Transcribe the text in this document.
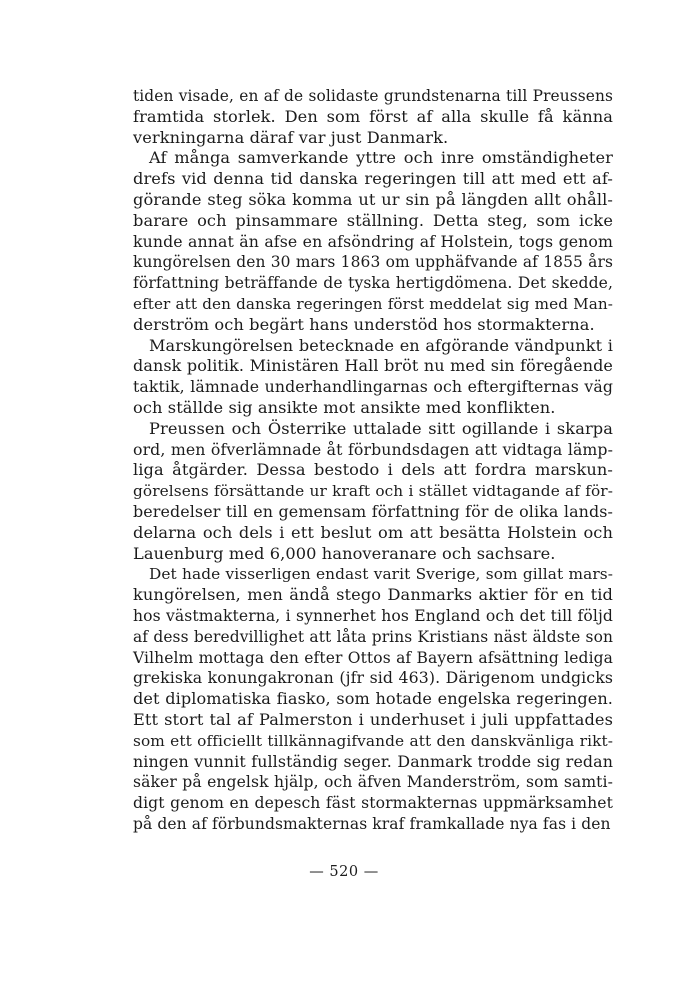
tiden visade, en af de solidaste grundstenarna till Preussens
framtida storlek. Den som först af alla skulle få känna
verkningarna däraf var just Danmark.
Af många samverkande yttre och inre omständigheter
drefs vid denna tid danska regeringen till att med ett af-
görande steg söka komma ut ur sin på längden allt ohåll-
barare och pinsammare ställning. Detta steg, som icke
kunde annat än afse en afsöndring af Holstein, togs genom
kungörelsen den 30 mars 1863 om upphäfvande af 1855 års
författning beträffande de tyska hertigdömena. Det skedde,
efter att den danska regeringen först meddelat sig med Man-
derström och begärt hans understöd hos stormakterna.
Marskungörelsen betecknade en afgörande vändpunkt i
dansk politik. Ministären Hall bröt nu med sin föregående
taktik, lämnade underhandlingarnas och eftergifternas väg
och ställde sig ansikte mot ansikte med konflikten.
Preussen och Österrike uttalade sitt ogillande i skarpa
ord, men öfverlämnade åt förbundsdagen att vidtaga lämp-
liga åtgärder. Dessa bestodo i dels att fordra marskun-
görelsens försättande ur kraft och i stället vidtagande af för-
beredelser till en gemensam författning för de olika lands-
delarna och dels i ett beslut om att besätta Holstein och
Lauenburg med 6,000 hanoveranare och sachsare.
Det hade visserligen endast varit Sverige, som gillat mars-
kungörelsen, men ändå stego Danmarks aktier för en tid
hos västmakterna, i synnerhet hos England och det till följd
af dess beredvillighet att låta prins Kristians näst äldste son
Vilhelm mottaga den efter Ottos af Bayern afsättning lediga
grekiska konungakronan (jfr sid 463). Därigenom undgicks
det diplomatiska fiasko, som hotade engelska regeringen.
Ett stort tal af Palmerston i underhuset i juli uppfattades
som ett officiellt tillkännagifvande att den danskvänliga rikt-
ningen vunnit fullständig seger. Danmark trodde sig redan
säker på engelsk hjälp, och äfven Manderström, som samti-
digt genom en depesch fäst stormakternas uppmärksamhet
på den af förbundsmakternas kraf framkallade nya fas i den
— 520 —
